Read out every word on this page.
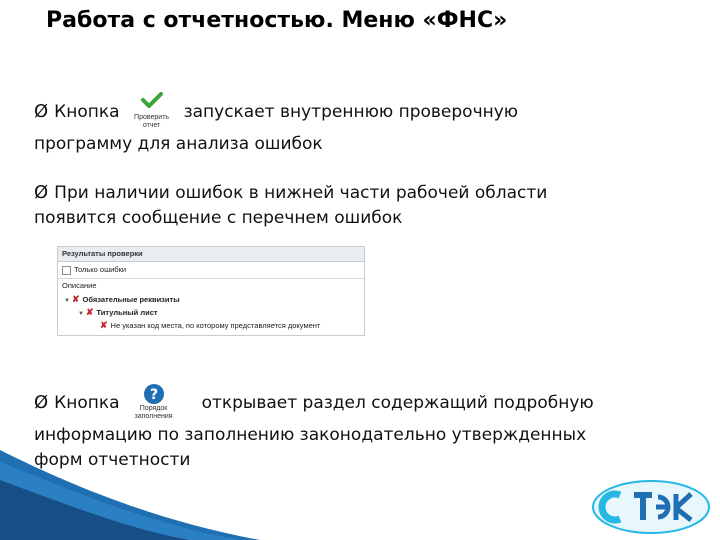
Работа с отчетностью. Меню «ФНС»
Ø Кнопка	Проверить отчет
запускает внутреннюю проверочную
программу для анализа ошибок
Ø При наличии ошибок в нижней части рабочей области
появится сообщение с перечнем ошибок
Результаты проверки
Только ошибки
Описание
▼ ✘ Обязательные реквизиты
▼ ✘ Титульный лист
✘ Не указан код места, по которому представляется документ
Ø Кнопка ?
Порядок заполнения
открывает раздел содержащий подробную
информацию по заполнению законодательно утвержденных
форм отчетности
